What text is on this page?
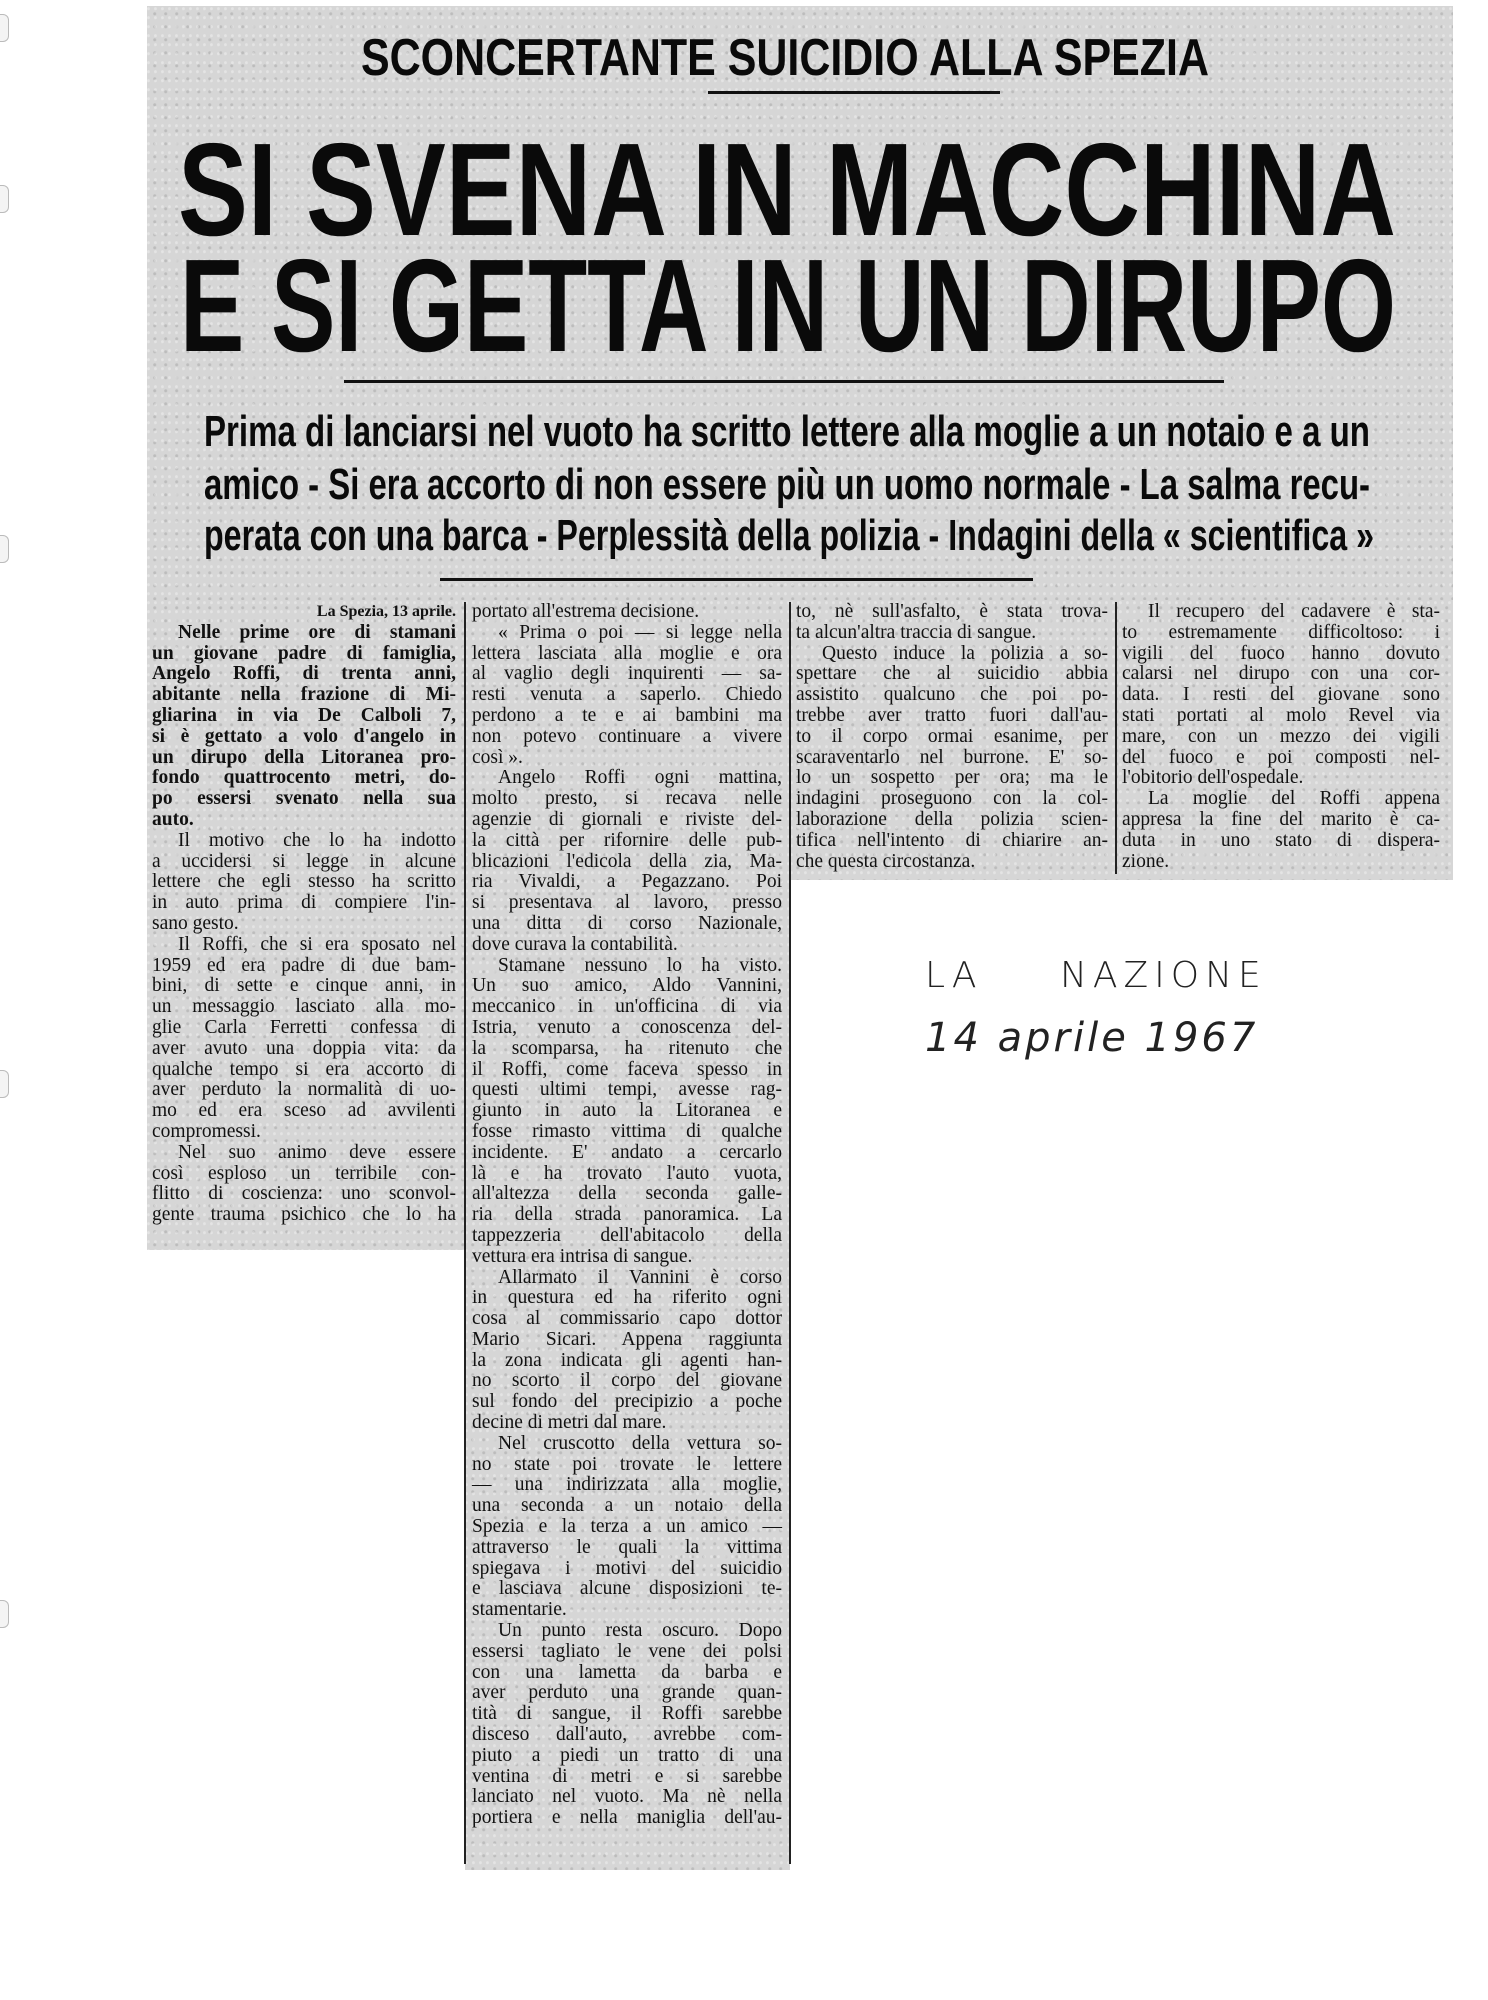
SCONCERTANTE SUICIDIO ALLA SPEZIA
SI SVENA IN MACCHINA
E SI GETTA IN UN DIRUPO
Prima di lanciarsi nel vuoto ha scritto lettere alla moglie a un notaio e a un
amico - Si era accorto di non essere più un uomo normale - La salma recu-
perata con una barca - Perplessità della polizia - Indagini della « scientifica »
La Spezia, 13 aprile.
Nelle prime ore di stamani
un giovane padre di famiglia,
Angelo Roffi, di trenta anni,
abitante nella frazione di Mi-
gliarina in via De Calboli 7,
si è gettato a volo d'angelo in
un dirupo della Litoranea pro-
fondo quattrocento metri, do-
po essersi svenato nella sua
auto.
Il motivo che lo ha indotto
a uccidersi si legge in alcune
lettere che egli stesso ha scritto
in auto prima di compiere l'in-
sano gesto.
Il Roffi, che si era sposato nel
1959 ed era padre di due bam-
bini, di sette e cinque anni, in
un messaggio lasciato alla mo-
glie Carla Ferretti confessa di
aver avuto una doppia vita: da
qualche tempo si era accorto di
aver perduto la normalità di uo-
mo ed era sceso ad avvilenti
compromessi.
Nel suo animo deve essere
così esploso un terribile con-
flitto di coscienza: uno sconvol-
gente trauma psichico che lo ha
portato all'estrema decisione.
« Prima o poi — si legge nella
lettera lasciata alla moglie e ora
al vaglio degli inquirenti — sa-
resti venuta a saperlo. Chiedo
perdono a te e ai bambini ma
non potevo continuare a vivere
così ».
Angelo Roffi ogni mattina,
molto presto, si recava nelle
agenzie di giornali e riviste del-
la città per rifornire delle pub-
blicazioni l'edicola della zia, Ma-
ria Vivaldi, a Pegazzano. Poi
si presentava al lavoro, presso
una ditta di corso Nazionale,
dove curava la contabilità.
Stamane nessuno lo ha visto.
Un suo amico, Aldo Vannini,
meccanico in un'officina di via
Istria, venuto a conoscenza del-
la scomparsa, ha ritenuto che
il Roffi, come faceva spesso in
questi ultimi tempi, avesse rag-
giunto in auto la Litoranea e
fosse rimasto vittima di qualche
incidente. E' andato a cercarlo
là e ha trovato l'auto vuota,
all'altezza della seconda galle-
ria della strada panoramica. La
tappezzeria dell'abitacolo della
vettura era intrisa di sangue.
Allarmato il Vannini è corso
in questura ed ha riferito ogni
cosa al commissario capo dottor
Mario Sicari. Appena raggiunta
la zona indicata gli agenti han-
no scorto il corpo del giovane
sul fondo del precipizio a poche
decine di metri dal mare.
Nel cruscotto della vettura so-
no state poi trovate le lettere
— una indirizzata alla moglie,
una seconda a un notaio della
Spezia e la terza a un amico —
attraverso le quali la vittima
spiegava i motivi del suicidio
e lasciava alcune disposizioni te-
stamentarie.
Un punto resta oscuro. Dopo
essersi tagliato le vene dei polsi
con una lametta da barba e
aver perduto una grande quan-
tità di sangue, il Roffi sarebbe
disceso dall'auto, avrebbe com-
piuto a piedi un tratto di una
ventina di metri e si sarebbe
lanciato nel vuoto. Ma nè nella
portiera e nella maniglia dell'au-
to, nè sull'asfalto, è stata trova-
ta alcun'altra traccia di sangue.
Questo induce la polizia a so-
spettare che al suicidio abbia
assistito qualcuno che poi po-
trebbe aver tratto fuori dall'au-
to il corpo ormai esanime, per
scaraventarlo nel burrone. E' so-
lo un sospetto per ora; ma le
indagini proseguono con la col-
laborazione della polizia scien-
tifica nell'intento di chiarire an-
che questa circostanza.
Il recupero del cadavere è sta-
to estremamente difficoltoso: i
vigili del fuoco hanno dovuto
calarsi nel dirupo con una cor-
data. I resti del giovane sono
stati portati al molo Revel via
mare, con un mezzo dei vigili
del fuoco e poi composti nel-
l'obitorio dell'ospedale.
La moglie del Roffi appena
appresa la fine del marito è ca-
duta in uno stato di dispera-
zione.
LA NAZIONE
14 aprile 1967
